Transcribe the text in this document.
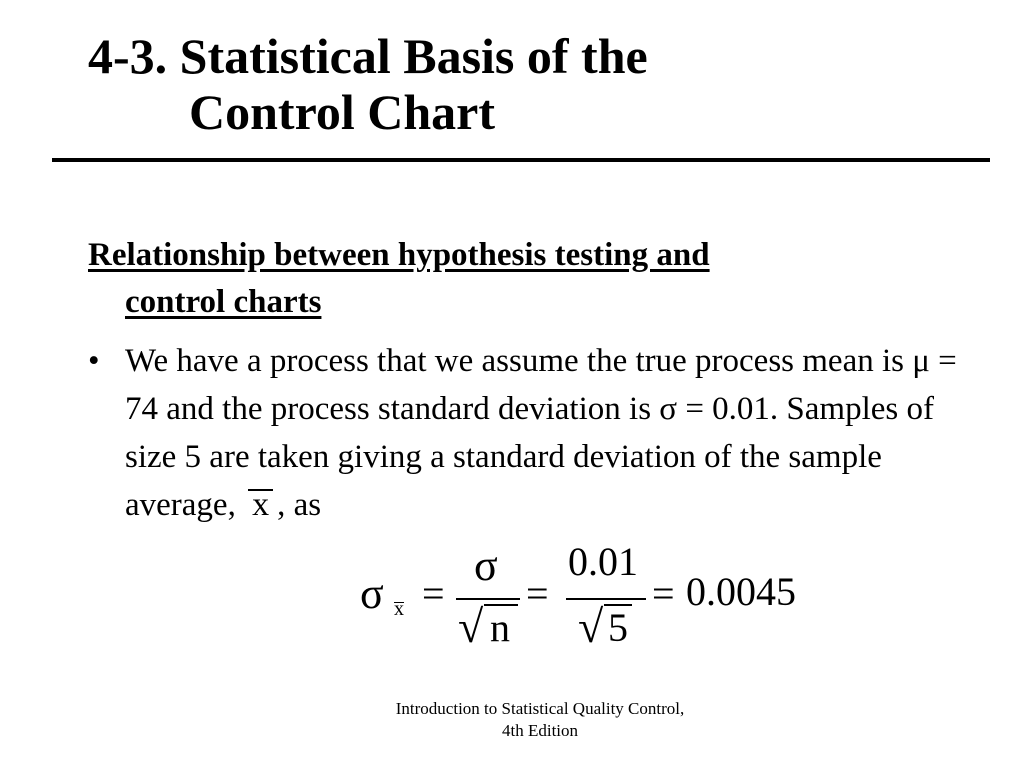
4-3. Statistical Basis of the
Control Chart
Relationship between hypothesis testing and
control charts
• We have a process that we assume the true process mean is μ = 74 and the process standard deviation is σ = 0.01. Samples of size 5 are taken giving a standard deviation of the sample average, x , as
σ x =
σ
√ n
=
0.01
√ 5
= 0.0045
Introduction to Statistical Quality Control,
4th Edition
